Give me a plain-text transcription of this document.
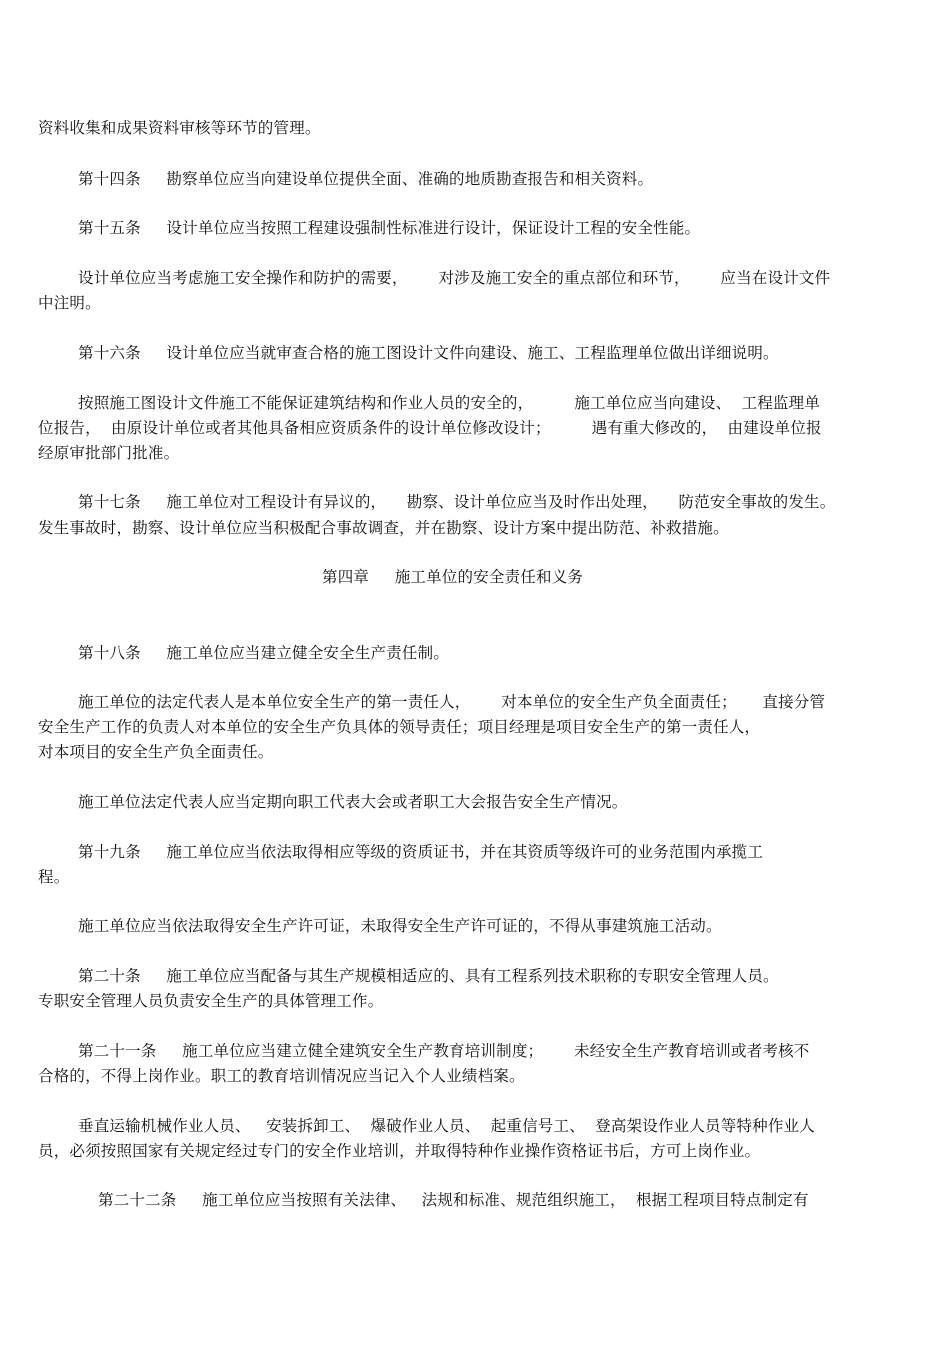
资料收集和成果资料审核等环节的管理。
第十四条     勘察单位应当向建设单位提供全面、准确的地质勘查报告和相关资料。
第十五条     设计单位应当按照工程建设强制性标准进行设计，保证设计工程的安全性能。
设计单位应当考虑施工安全操作和防护的需要，      对涉及施工安全的重点部位和环节，      应当在设计文件
中注明。
第十六条     设计单位应当就审查合格的施工图设计文件向建设、施工、工程监理单位做出详细说明。
按照施工图设计文件施工不能保证建筑结构和作业人员的安全的，        施工单位应当向建设、  工程监理单
位报告，  由原设计单位或者其他具备相应资质条件的设计单位修改设计；        遇有重大修改的，  由建设单位报
经原审批部门批准。
第十七条     施工单位对工程设计有异议的，    勘察、设计单位应当及时作出处理，    防范安全事故的发生。
发生事故时，勘察、设计单位应当积极配合事故调查，并在勘察、设计方案中提出防范、补救措施。
第四章     施工单位的安全责任和义务
第十八条     施工单位应当建立健全安全生产责任制。
施工单位的法定代表人是本单位安全生产的第一责任人，      对本单位的安全生产负全面责任；     直接分管
安全生产工作的负责人对本单位的安全生产负具体的领导责任；项目经理是项目安全生产的第一责任人，
对本项目的安全生产负全面责任。
施工单位法定代表人应当定期向职工代表大会或者职工大会报告安全生产情况。
第十九条     施工单位应当依法取得相应等级的资质证书，并在其资质等级许可的业务范围内承揽工
程。
施工单位应当依法取得安全生产许可证，未取得安全生产许可证的，不得从事建筑施工活动。
第二十条     施工单位应当配备与其生产规模相适应的、具有工程系列技术职称的专职安全管理人员。
专职安全管理人员负责安全生产的具体管理工作。
第二十一条     施工单位应当建立健全建筑安全生产教育培训制度；      未经安全生产教育培训或者考核不
合格的，不得上岗作业。职工的教育培训情况应当记入个人业绩档案。
垂直运输机械作业人员、   安装拆卸工、  爆破作业人员、  起重信号工、  登高架设作业人员等特种作业人
员，必须按照国家有关规定经过专门的安全作业培训，并取得特种作业操作资格证书后，方可上岗作业。
第二十二条     施工单位应当按照有关法律、   法规和标准、规范组织施工，  根据工程项目特点制定有
